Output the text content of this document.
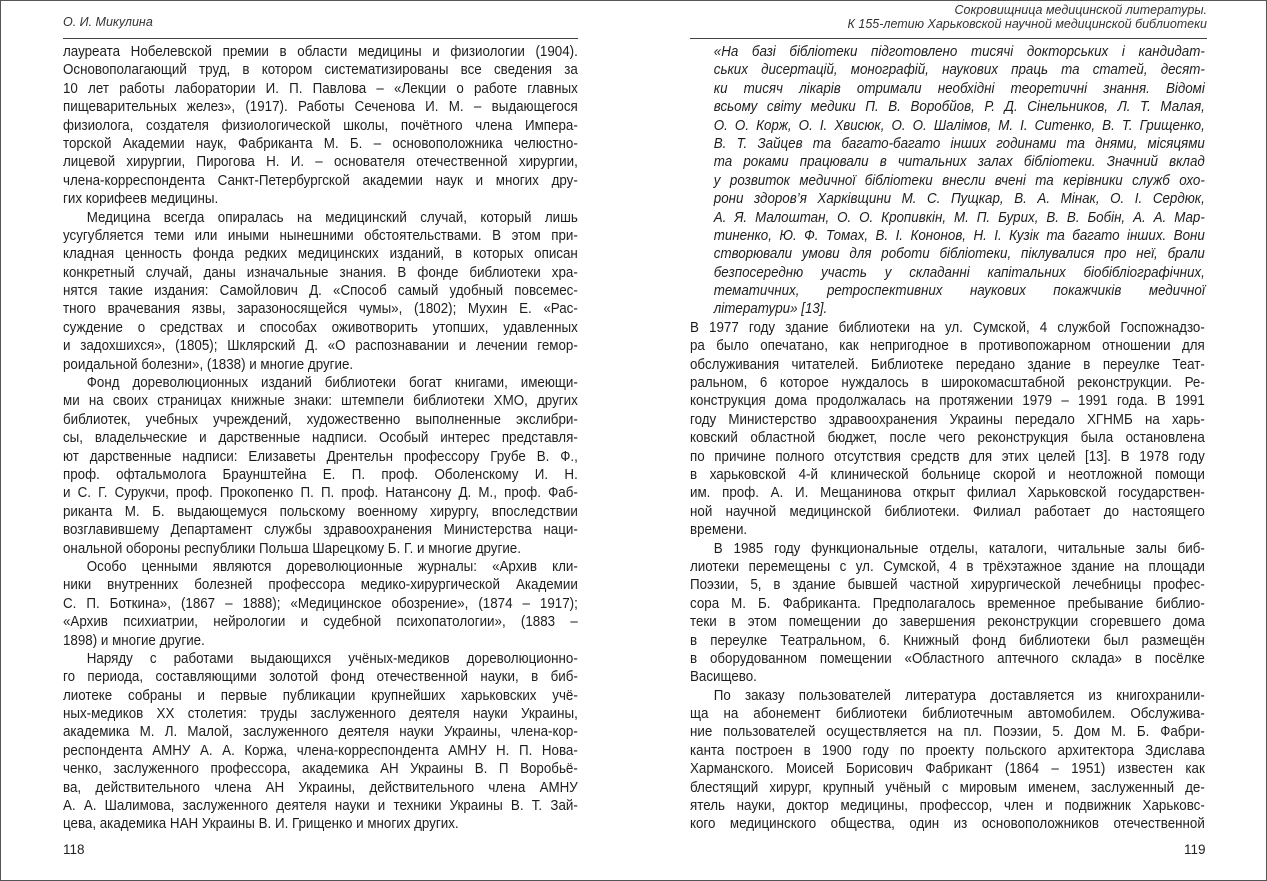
О. И. Микулина
Сокровищница медицинской литературы.
К 155-летию Харьковской научной медицинской библиотеки
лауреата Нобелевской премии в области медицины и физиологии (1904).
Основополагающий труд, в котором систематизированы все сведения за
10 лет работы лаборатории И. П. Павлова – «Лекции о работе главных
пищеварительных желез», (1917). Работы Сеченова И. М. – выдающегося
физиолога, создателя физиологической школы, почётного члена Импера-
торской Академии наук, Фабриканта М. Б. – основоположника челюстно-
лицевой хирургии, Пирогова Н. И. – основателя отечественной хирургии,
члена-корреспондента Санкт-Петербургской академии наук и многих дру-
гих корифеев медицины.
Медицина всегда опиралась на медицинский случай, который лишь
усугубляется теми или иными нынешними обстоятельствами. В этом при-
кладная ценность фонда редких медицинских изданий, в которых описан
конкретный случай, даны изначальные знания. В фонде библиотеки хра-
нятся такие издания: Самойлович Д. «Способ самый удобный повсемес-
тного врачевания язвы, заразоносящейся чумы», (1802); Мухин Е. «Рас-
суждение о средствах и способах оживотворить утопших, удавленных
и задохшихся», (1805); Шклярский Д. «О распознавании и лечении гемор-
роидальной болезни», (1838) и многие другие.
Фонд дореволюционных изданий библиотеки богат книгами, имеющи-
ми на своих страницах книжные знаки: штемпели библиотеки ХМО, других
библиотек, учебных учреждений, художественно выполненные экслибри-
сы, владельческие и дарственные надписи. Особый интерес представля-
ют дарственные надписи: Елизаветы Дрентельн профессору Грубе В. Ф.,
проф. офтальмолога Браунштейна Е. П. проф. Оболенскому И. Н.
и С. Г. Сурукчи, проф. Прокопенко П. П. проф. Натансону Д. М., проф. Фаб-
риканта М. Б. выдающемуся польскому военному хирургу, впоследствии
возглавившему Департамент службы здравоохранения Министерства наци-
ональной обороны республики Польша Шарецкому Б. Г. и многие другие.
Особо ценными являются дореволюционные журналы: «Архив кли-
ники внутренних болезней профессора медико-хирургической Академии
С. П. Боткина», (1867 – 1888); «Медицинское обозрение», (1874 – 1917);
«Архив психиатрии, нейрологии и судебной психопатологии», (1883 –
1898) и многие другие.
Наряду с работами выдающихся учёных-медиков дореволюционно-
го периода, составляющими золотой фонд отечественной науки, в биб-
лиотеке собраны и первые публикации крупнейших харьковских учё-
ных-медиков XX столетия: труды заслуженного деятеля науки Украины,
академика М. Л. Малой, заслуженного деятеля науки Украины, члена-кор-
респондента АМНУ А. А. Коржа, члена-корреспондента АМНУ Н. П. Нова-
ченко, заслуженного профессора, академика АН Украины В. П Воробьё-
ва, действительного члена АН Украины, действительного члена АМНУ
А. А. Шалимова, заслуженного деятеля науки и техники Украины В. Т. Зай-
цева, академика НАН Украины В. И. Грищенко и многих других.
«На базі бібліотеки підготовлено тисячі докторських і кандидат-
ських дисертацій, монографій, наукових праць та статей, десят-
ки тисяч лікарів отримали необхідні теоретичні знання. Відомі
всьому світу медики П. В. Воробйов, Р. Д. Сінельников, Л. Т. Малая,
О. О. Корж, О. І. Хвисюк, О. О. Шалімов, М. І. Ситенко, В. Т. Грищенко,
В. Т. Зайцев та багато-багато інших годинами та днями, місяцями
та роками працювали в читальних залах бібліотеки. Значний вклад
у розвиток медичної бібліотеки внесли вчені та керівники служб охо-
рони здоров’я Харківщини М. С. Пущкар, В. А. Мінак, О. І. Сердюк,
А. Я. Малоштан, О. О. Кропивкін, М. П. Бурих, В. В. Бобін, А. А. Мар-
тиненко, Ю. Ф. Томах, В. І. Кононов, Н. І. Кузік та багато інших. Вони
створювали умови для роботи бібліотеки, піклувалися про неї, брали
безпосередню участь у складанні капітальних біобібліографічних,
тематичних, ретроспективних наукових покажчиків медичної
літератури» [13].
В 1977 году здание библиотеки на ул. Сумской, 4 службой Госпожнадзо-
ра было опечатано, как непригодное в противопожарном отношении для
обслуживания читателей. Библиотеке передано здание в переулке Теат-
ральном, 6 которое нуждалось в широкомасштабной реконструкции. Ре-
конструкция дома продолжалась на протяжении 1979 – 1991 года. В 1991
году Министерство здравоохранения Украины передало ХГНМБ на харь-
ковский областной бюджет, после чего реконструкция была остановлена
по причине полного отсутствия средств для этих целей [13]. В 1978 году
в харьковской 4-й клинической больнице скорой и неотложной помощи
им. проф. А. И. Мещанинова открыт филиал Харьковской государствен-
ной научной медицинской библиотеки. Филиал работает до настоящего
времени.
В 1985 году функциональные отделы, каталоги, читальные залы биб-
лиотеки перемещены с ул. Сумской, 4 в трёхэтажное здание на площади
Поэзии, 5, в здание бывшей частной хирургической лечебницы профес-
сора М. Б. Фабриканта. Предполагалось временное пребывание библио-
теки в этом помещении до завершения реконструкции сгоревшего дома
в переулке Театральном, 6. Книжный фонд библиотеки был размещён
в оборудованном помещении «Областного аптечного склада» в посёлке
Васищево.
По заказу пользователей литература доставляется из книгохранили-
ща на абонемент библиотеки библиотечным автомобилем. Обслужива-
ние пользователей осуществляется на пл. Поэзии, 5. Дом М. Б. Фабри-
канта построен в 1900 году по проекту польского архитектора Здислава
Харманского. Моисей Борисович Фабрикант (1864 – 1951) известен как
блестящий хирург, крупный учёный с мировым именем, заслуженный де-
ятель науки, доктор медицины, профессор, член и подвижник Харьковс-
кого медицинского общества, один из основоположников отечественной
118	119
